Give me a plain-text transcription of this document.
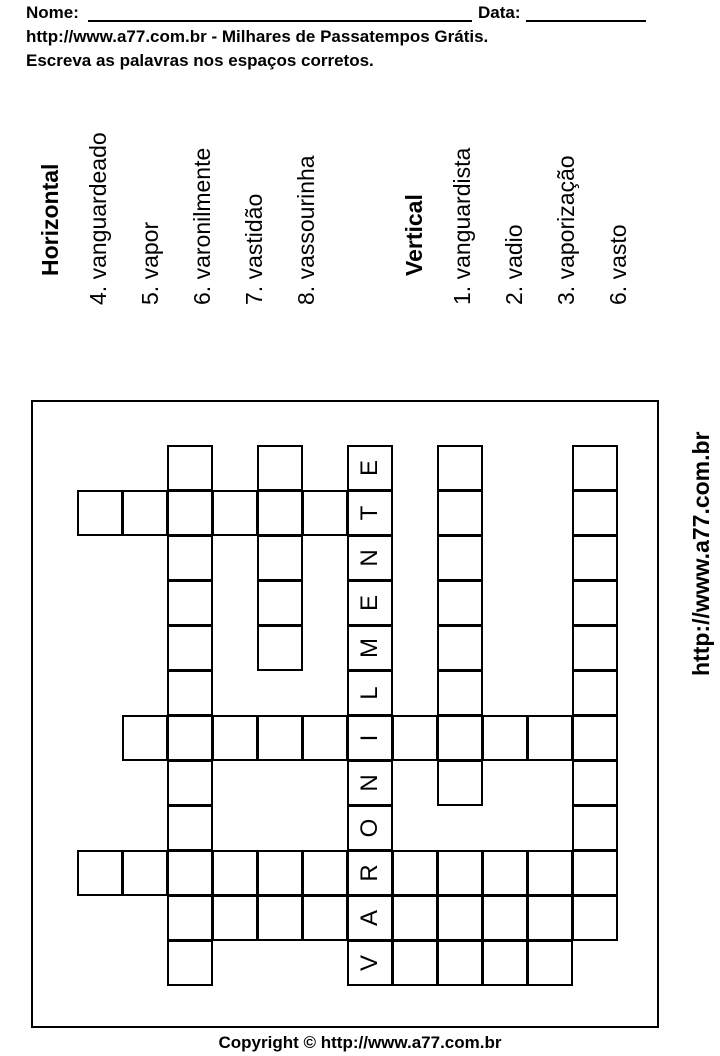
Nome:	Data:
http://www.a77.com.br - Milhares de Passatempos Grátis.
Escreva as palavras nos espaços corretos.
Horizontal 4. vanguardeado 5. vapor 6. varonilmente 7. vastidão 8. vassourinha	Vertical 1. vanguardista 2. vadio 3. vaporização 6. vasto
E
T
N
E
M
L
I
N
O
R
A
V
http://www.a77.com.br
Copyright © http://www.a77.com.br
